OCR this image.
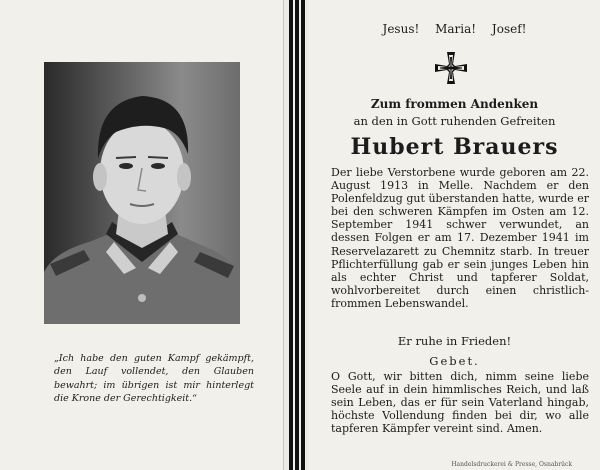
„Ich habe den guten Kampf gekämpft, den Lauf vollendet, den Glauben bewahrt; im übrigen ist mir hinterlegt die Krone der Gerechtigkeit.“
Jesus! Maria! Josef!
Zum frommen Andenken
an den in Gott ruhenden Gefreiten
Hubert Brauers
Der liebe Verstorbene wurde geboren am 22. August 1913 in Melle. Nachdem er den Polenfeldzug gut überstanden hatte, wurde er bei den schweren Kämpfen im Osten am 12. September 1941 schwer verwundet, an dessen Folgen er am 17. Dezember 1941 im Reservelazarett zu Chemnitz starb. In treuer Pflichterfüllung gab er sein junges Leben hin als echter Christ und tapferer Soldat, wohlvorbereitet durch einen christlich-frommen Lebenswandel.
Er ruhe in Frieden!
Gebet.
O Gott, wir bitten dich, nimm seine liebe Seele auf in dein himmlisches Reich, und laß sein Leben, das er für sein Vaterland hingab, höchste Vollendung finden bei dir, wo alle tapferen Kämpfer vereint sind. Amen.
Handelsdruckerei & Presse, Osnabrück
